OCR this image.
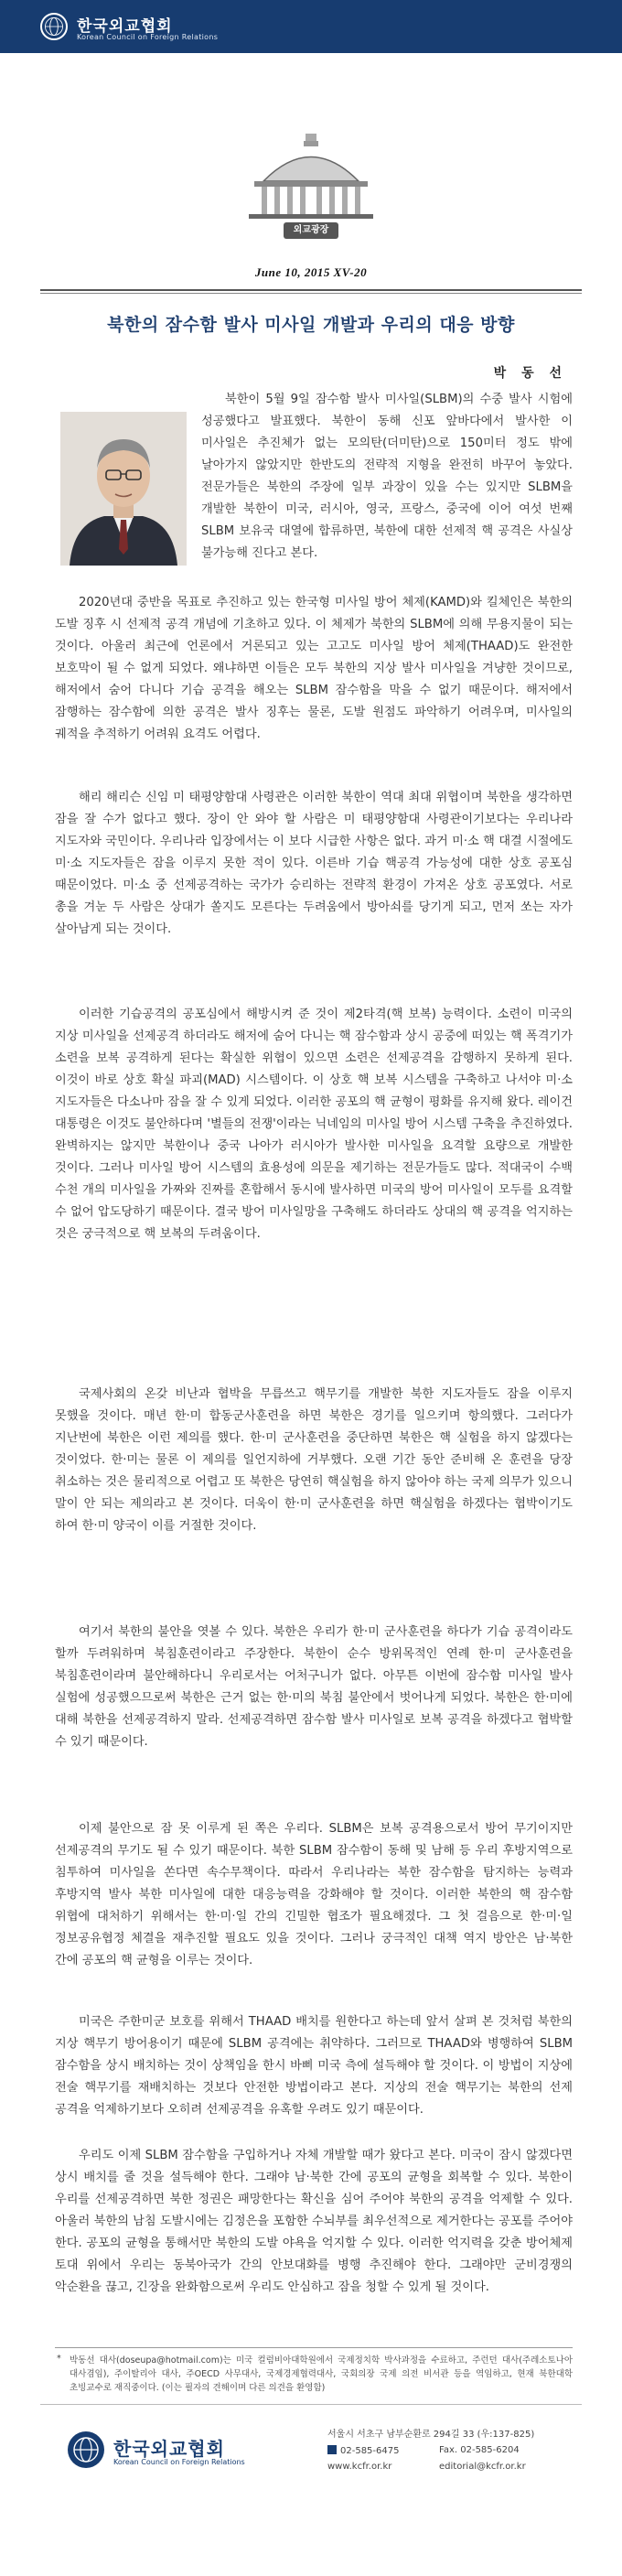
한국외교협회
Korean Council on Foreign Relations
외교광장
June 10, 2015 XV-20
북한의 잠수함 발사 미사일 개발과 우리의 대응 방향
박 동 선
북한이 5월 9일 잠수함 발사 미사일(SLBM)의 수중 발사 시험에 성공했다고 발표했다. 북한이 동해 신포 앞바다에서 발사한 이 미사일은 추진체가 없는 모의탄(더미탄)으로 150미터 정도 밖에 날아가지 않았지만 한반도의 전략적 지형을 완전히 바꾸어 놓았다. 전문가들은 북한의 주장에 일부 과장이 있을 수는 있지만 SLBM을 개발한 북한이 미국, 러시아, 영국, 프랑스, 중국에 이어 여섯 번째 SLBM 보유국 대열에 합류하면, 북한에 대한 선제적 핵 공격은 사실상 불가능해 진다고 본다.

2020년대 중반을 목표로 추진하고 있는 한국형 미사일 방어 체제(KAMD)와 킬체인은 북한의 도발 징후 시 선제적 공격 개념에 기초하고 있다. 이 체제가 북한의 SLBM에 의해 무용지물이 되는 것이다. 아울러 최근에 언론에서 거론되고 있는 고고도 미사일 방어 체제(THAAD)도 완전한 보호막이 될 수 없게 되었다. 왜냐하면 이들은 모두 북한의 지상 발사 미사일을 겨냥한 것이므로, 해저에서 숨어 다니다 기습 공격을 해오는 SLBM 잠수함을 막을 수 없기 때문이다. 해저에서 잠행하는 잠수함에 의한 공격은 발사 징후는 물론, 도발 원점도 파악하기 어려우며, 미사일의 궤적을 추적하기 어려워 요격도 어렵다.

해리 해리슨 신임 미 태평양함대 사령관은 이러한 북한이 역대 최대 위협이며 북한을 생각하면 잠을 잘 수가 없다고 했다. 장이 안 와야 할 사람은 미 태평양함대 사령관이기보다는 우리나라 지도자와 국민이다. 우리나라 입장에서는 이 보다 시급한 사항은 없다. 과거 미·소 핵 대결 시절에도 미·소 지도자들은 잠을 이루지 못한 적이 있다. 이른바 기습 핵공격 가능성에 대한 상호 공포심 때문이었다. 미·소 중 선제공격하는 국가가 승리하는 전략적 환경이 가져온 상호 공포였다. 서로 총을 겨눈 두 사람은 상대가 쏠지도 모른다는 두려움에서 방아쇠를 당기게 되고, 먼저 쏘는 자가 살아남게 되는 것이다.

이러한 기습공격의 공포심에서 해방시켜 준 것이 제2타격(핵 보복) 능력이다. 소련이 미국의 지상 미사일을 선제공격 하더라도 해저에 숨어 다니는 핵 잠수함과 상시 공중에 떠있는 핵 폭격기가 소련을 보복 공격하게 된다는 확실한 위협이 있으면 소련은 선제공격을 감행하지 못하게 된다. 이것이 바로 상호 확실 파괴(MAD) 시스템이다. 이 상호 핵 보복 시스템을 구축하고 나서야 미·소 지도자들은 다소나마 잠을 잘 수 있게 되었다. 이러한 공포의 핵 균형이 평화를 유지해 왔다. 레이건 대통령은 이것도 불안하다며 '별들의 전쟁'이라는 닉네임의 미사일 방어 시스템 구축을 추진하였다. 완벽하지는 않지만 북한이나 중국 나아가 러시아가 발사한 미사일을 요격할 요량으로 개발한 것이다. 그러나 미사일 방어 시스템의 효용성에 의문을 제기하는 전문가들도 많다. 적대국이 수백 수천 개의 미사일을 가짜와 진짜를 혼합해서 동시에 발사하면 미국의 방어 미사일이 모두를 요격할 수 없어 압도당하기 때문이다. 결국 방어 미사일망을 구축해도 하더라도 상대의 핵 공격을 억지하는 것은 궁극적으로 핵 보복의 두려움이다.

국제사회의 온갖 비난과 협박을 무릅쓰고 핵무기를 개발한 북한 지도자들도 잠을 이루지 못했을 것이다. 매년 한·미 합동군사훈련을 하면 북한은 경기를 일으키며 항의했다. 그러다가 지난번에 북한은 이런 제의를 했다. 한·미 군사훈련을 중단하면 북한은 핵 실험을 하지 않겠다는 것이었다. 한·미는 물론 이 제의를 일언지하에 거부했다. 오랜 기간 동안 준비해 온 훈련을 당장 취소하는 것은 물리적으로 어렵고 또 북한은 당연히 핵실험을 하지 않아야 하는 국제 의무가 있으니 말이 안 되는 제의라고 본 것이다. 더욱이 한·미 군사훈련을 하면 핵실험을 하겠다는 협박이기도 하여 한·미 양국이 이를 거절한 것이다.

여기서 북한의 불안을 엿볼 수 있다. 북한은 우리가 한·미 군사훈련을 하다가 기습 공격이라도 할까 두려워하며 북침훈련이라고 주장한다. 북한이 순수 방위목적인 연례 한·미 군사훈련을 북침훈련이라며 불안해하다니 우리로서는 어처구니가 없다. 아무튼 이번에 잠수함 미사일 발사 실험에 성공했으므로써 북한은 근거 없는 한·미의 북침 불안에서 벗어나게 되었다. 북한은 한·미에 대해 북한을 선제공격하지 말라. 선제공격하면 잠수함 발사 미사일로 보복 공격을 하겠다고 협박할 수 있기 때문이다.

이제 불안으로 잠 못 이루게 된 쪽은 우리다. SLBM은 보복 공격용으로서 방어 무기이지만 선제공격의 무기도 될 수 있기 때문이다. 북한 SLBM 잠수함이 동해 및 남해 등 우리 후방지역으로 침투하여 미사일을 쏜다면 속수무책이다. 따라서 우리나라는 북한 잠수함을 탐지하는 능력과 후방지역 발사 북한 미사일에 대한 대응능력을 강화해야 할 것이다. 이러한 북한의 핵 잠수함 위협에 대처하기 위해서는 한·미·일 간의 긴밀한 협조가 필요해졌다. 그 첫 걸음으로 한·미·일 정보공유협정 체결을 재추진할 필요도 있을 것이다. 그러나 궁극적인 대책 역지 방안은 남·북한 간에 공포의 핵 균형을 이루는 것이다.

미국은 주한미군 보호를 위해서 THAAD 배치를 원한다고 하는데 앞서 살펴 본 것처럼 북한의 지상 핵무기 방어용이기 때문에 SLBM 공격에는 취약하다. 그러므로 THAAD와 병행하여 SLBM 잠수함을 상시 배치하는 것이 상책임을 한시 바삐 미국 측에 설득해야 할 것이다. 이 방법이 지상에 전술 핵무기를 재배치하는 것보다 안전한 방법이라고 본다. 지상의 전술 핵무기는 북한의 선제 공격을 억제하기보다 오히려 선제공격을 유혹할 우려도 있기 때문이다.

우리도 이제 SLBM 잠수함을 구입하거나 자체 개발할 때가 왔다고 본다. 미국이 잠시 않겠다면 상시 배치를 줄 것을 설득해야 한다. 그래야 남·북한 간에 공포의 균형을 회복할 수 있다. 북한이 우리를 선제공격하면 북한 정권은 패망한다는 확신을 심어 주어야 북한의 공격을 억제할 수 있다. 아울러 북한의 남침 도발시에는 김정은을 포함한 수뇌부를 최우선적으로 제거한다는 공포를 주어야 한다. 공포의 균형을 통해서만 북한의 도발 야욕을 억지할 수 있다. 이러한 억지력을 갖춘 방어체제 토대 위에서 우리는 동북아국가 간의 안보대화를 병행 추진해야 한다. 그래야만 군비경쟁의 악순환을 끊고, 긴장을 완화함으로써 우리도 안심하고 잠을 청할 수 있게 될 것이다.

* 박동선 대사(doseupa@hotmail.com)는 미국 컬럼비아대학원에서 국제정치학 박사과정을 수료하고, 주런던 대사(주레소토나아 대사겸임), 주이탈리아 대사, 주OECD 사무대사, 국제경제협력대사, 국회의장 국제 의전 비서관 등을 역임하고, 현재 북한대학 초빙교수로 재직중이다. (이는 필자의 견해이며 다른 의견을 환영함)
한국외교협회
Korean Council on Foreign Relations
서울시 서초구 남부순환로 294길 33 (우:137-825)
02-585-6475	Fax. 02-585-6204
www.kcfr.or.kr	editorial@kcfr.or.kr
